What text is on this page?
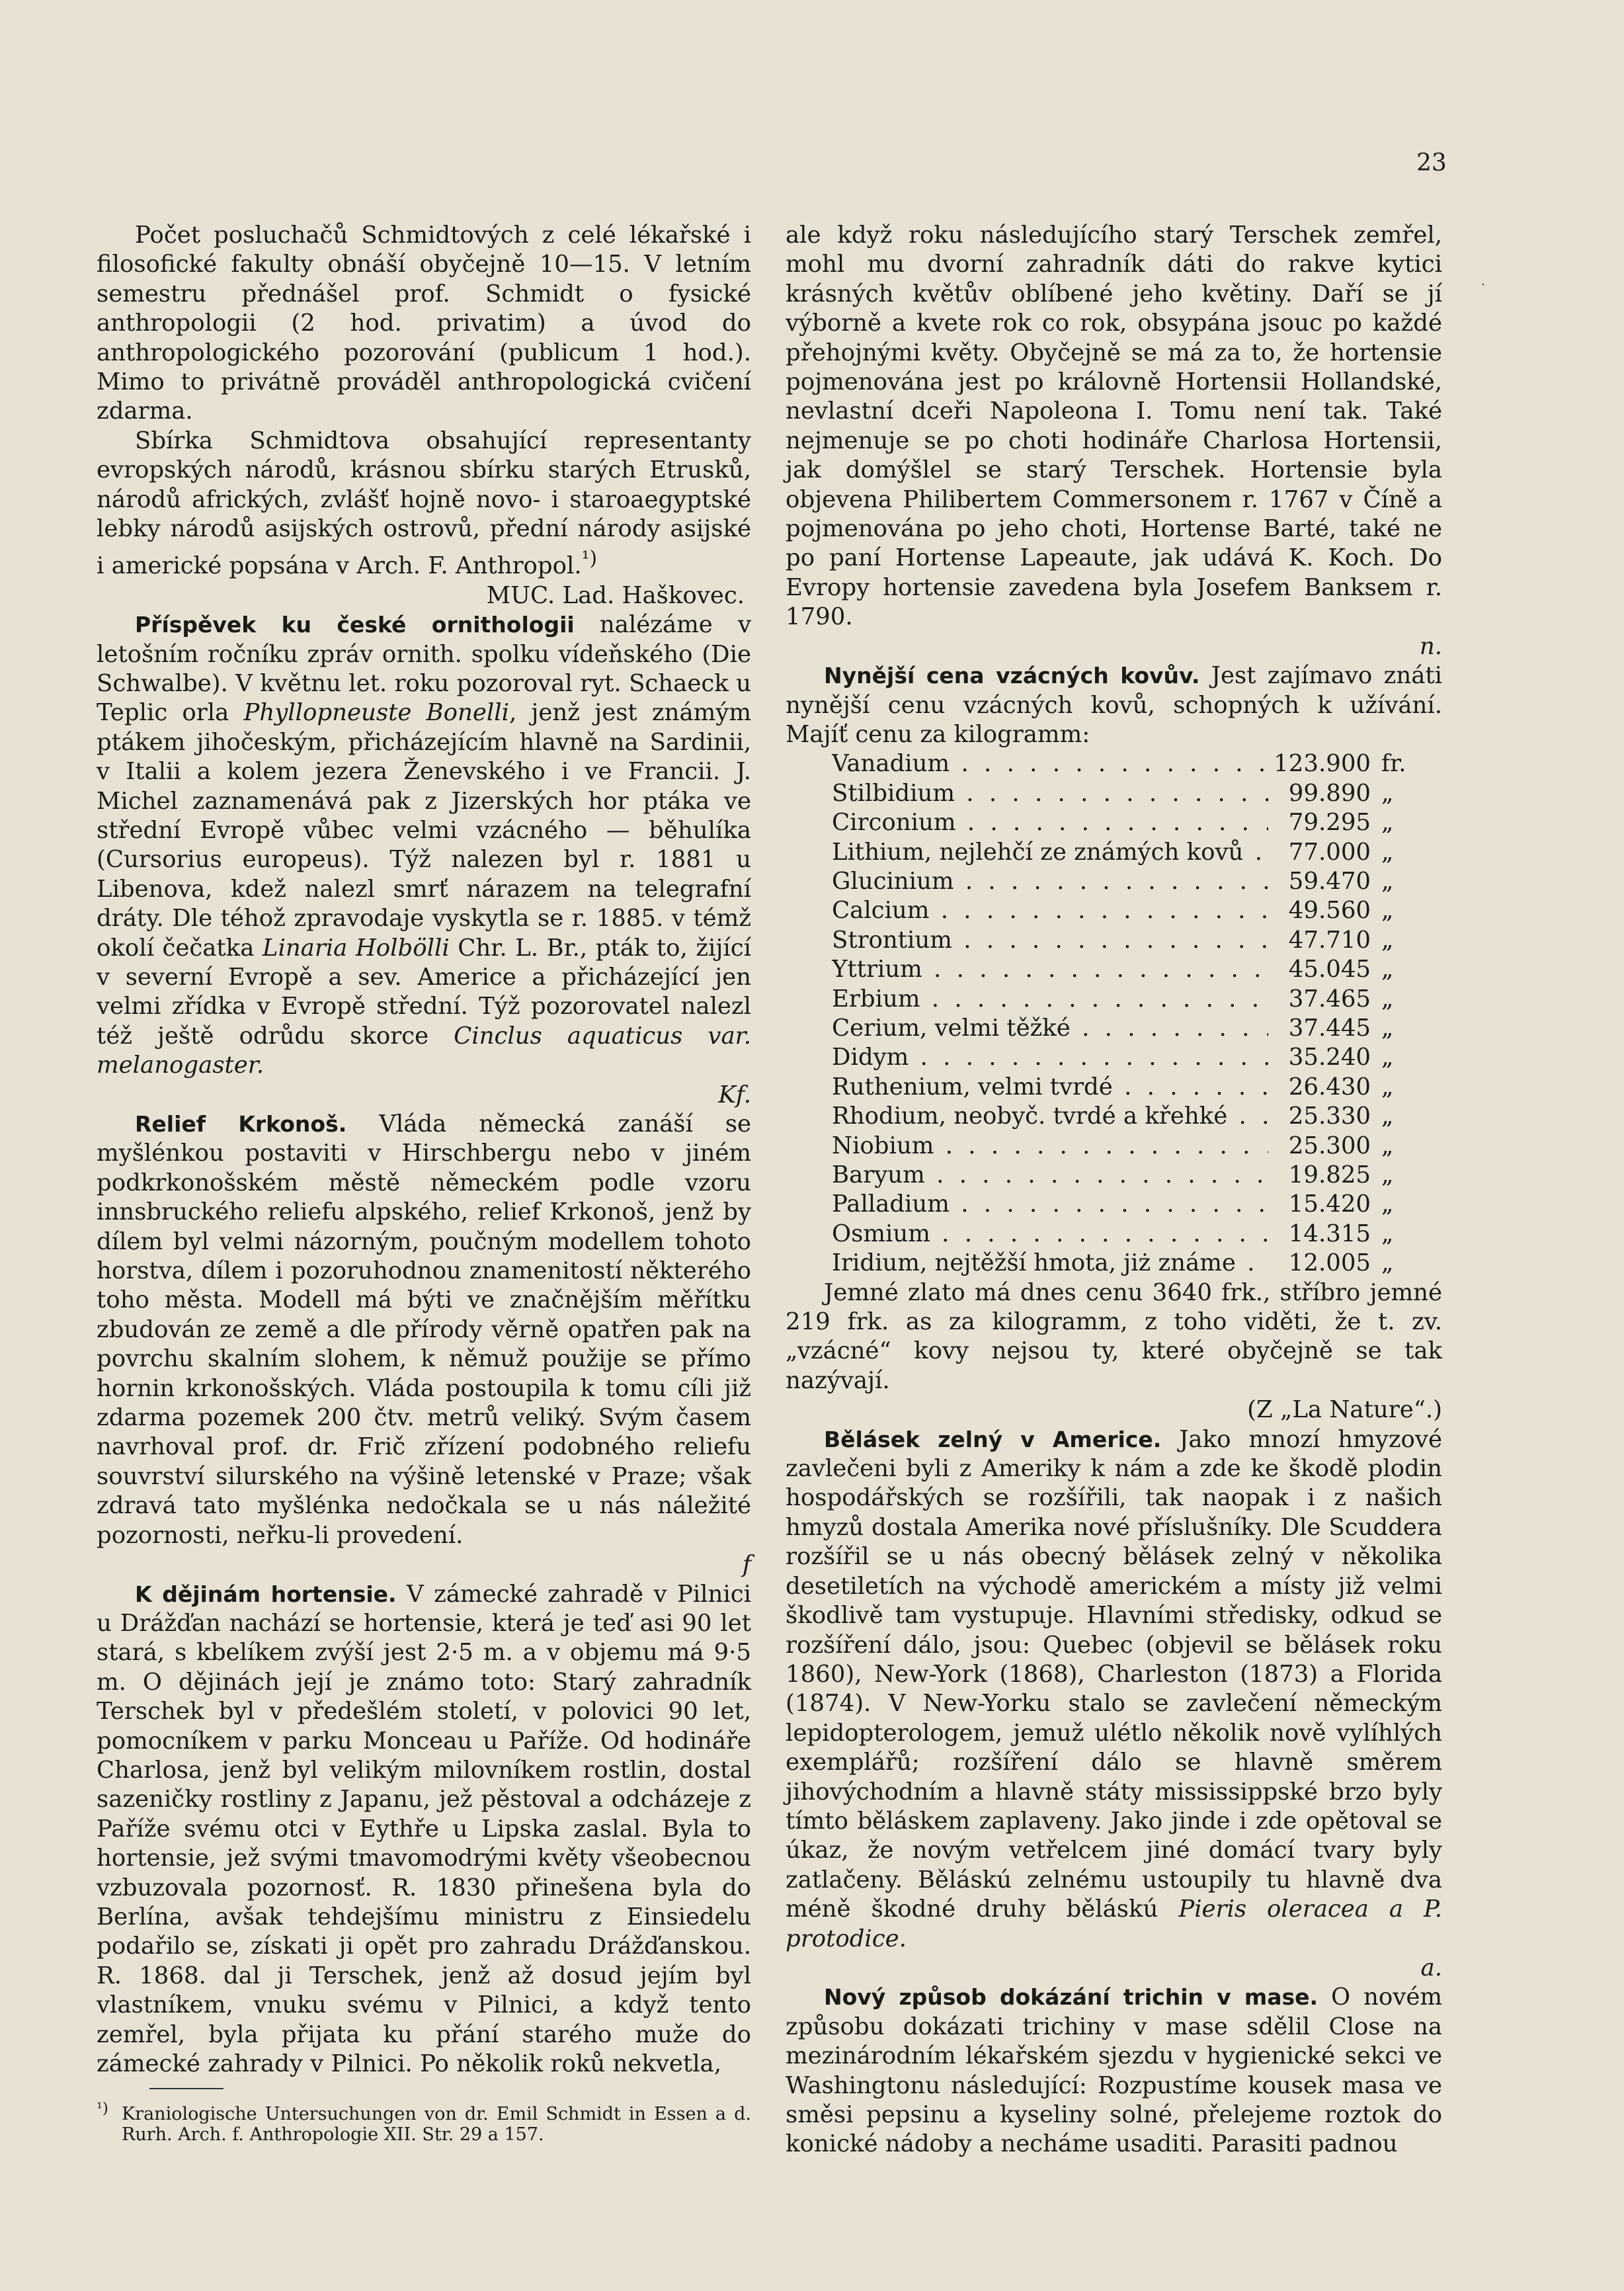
23
·

Počet posluchačů Schmidtových z celé lékařské i filosofické fakulty obnáší obyčejně 10—15. V letním semestru přednášel prof. Schmidt o fysické anthropologii (2 hod. privatim) a úvod do anthropologického pozorování (publicum 1 hod.). Mimo to privátně prováděl anthropologická cvičení zdarma.

Sbírka Schmidtova obsahující representanty evropských národů, krásnou sbírku starých Etrusků, národů afrických, zvlášť hojně novo- i staroaegyptské lebky národů asijských ostrovů, přední národy asijské i americké popsána v Arch. F. Anthropol.$^{^1)}$

MUC. Lad. Haškovec.

Příspěvek ku české ornithologii nalézáme v letošním ročníku zpráv ornith. spolku vídeňského (Die Schwalbe). V květnu let. roku pozoroval ryt. Schaeck u Teplic orla Phyllopneuste Bonelli, jenž jest známým ptákem jihočeským, přicházejícím hlavně na Sardinii, v Italii a kolem jezera Ženevského i ve Francii. J. Michel zaznamenává pak z Jizerských hor ptáka ve střední Evropě vůbec velmi vzácného — běhulíka (Cursorius europeus). Týž nalezen byl r. 1881 u Libenova, kdež nalezl smrť nárazem na telegrafní dráty. Dle téhož zpravodaje vyskytla se r. 1885. v témž okolí čečatka Linaria Holbölli Chr. L. Br., pták to, žijící v severní Evropě a sev. Americe a přicházející jen velmi zřídka v Evropě střední. Týž pozorovatel nalezl též ještě odrůdu skorce Cinclus aquaticus var. melanogaster.

Kf.

Relief Krkonoš. Vláda německá zanáší se myšlénkou postaviti v Hirschbergu nebo v jiném podkrkonošském městě německém podle vzoru innsbruckého reliefu alpského, relief Krkonoš, jenž by dílem byl velmi názorným, poučným modellem tohoto horstva, dílem i pozoruhodnou znamenitostí některého toho města. Modell má býti ve značnějším měřítku zbudován ze země a dle přírody věrně opatřen pak na povrchu skalním slohem, k němuž použije se přímo hornin krkonošských. Vláda postoupila k tomu cíli již zdarma pozemek 200 čtv. metrů veliký. Svým časem navrhoval prof. dr. Frič zřízení podobného reliefu souvrství silurského na výšině letenské v Praze; však zdravá tato myšlénka nedočkala se u nás náležité pozornosti, neřku-li provedení.

f

K dějinám hortensie. V zámecké zahradě v Pilnici u Drážďan nachází se hortensie, která je teď asi 90 let stará, s kbelíkem zvýší jest 2·5 m. a v objemu má 9·5 m. O dějinách její je známo toto: Starý zahradník Terschek byl v předešlém století, v polovici 90 let, pomocníkem v parku Monceau u Paříže. Od hodináře Charlosa, jenž byl velikým milovníkem rostlin, dostal sazeničky rostliny z Japanu, jež pěstoval a odcházeje z Paříže svému otci v Eythře u Lipska zaslal. Byla to hortensie, jež svými tmavomodrými květy všeobecnou vzbuzovala pozornosť. R. 1830 přinešena byla do Berlína, avšak tehdejšímu ministru z Einsiedelu podařilo se, získati ji opět pro zahradu Drážďanskou. R. 1868. dal ji Terschek, jenž až dosud jejím byl vlastníkem, vnuku svému v Pilnici, a když tento zemřel, byla přijata ku přání starého muže do zámecké zahrady v Pilnici. Po několik roků nekvetla,

$^{^1)}$ Kraniologische Untersuchungen von dr. Emil Schmidt in Essen a d. Rurh. Arch. f. Anthropologie XII. Str. 29 a 157.

ale když roku následujícího starý Terschek zemřel, mohl mu dvorní zahradník dáti do rakve kytici krásných květův oblíbené jeho květiny. Daří se jí výborně a kvete rok co rok, obsypána jsouc po každé přehojnými květy. Obyčejně se má za to, že hortensie pojmenována jest po královně Hortensii Hollandské, nevlastní dceři Napoleona I. Tomu není tak. Také nejmenuje se po choti hodináře Charlosa Hortensii, jak domýšlel se starý Terschek. Hortensie byla objevena Philibertem Commersonem r. 1767 v Číně a pojmenována po jeho choti, Hortense Barté, také ne po paní Hortense Lapeaute, jak udává K. Koch. Do Evropy hortensie zavedena byla Josefem Banksem r. 1790.

n.

Nynější cena vzácných kovův. Jest zajímavo znáti nynější cenu vzácných kovů, schopných k užívání. Majíť cenu za kilogramm:

Vanadium . . .	123.900	fr.

Stilbidium . . .	99.890	„

Circonium . . .	79.295	„

Lithium, nejlehčí ze známých kovů . . .	77.000	„

Glucinium . . .	59.470	„

Calcium . . .	49.560	„

Strontium . . .	47.710	„

Yttrium . . .	45.045	„

Erbium . . .	37.465	„

Cerium, velmi těžké . . .	37.445	„

Didym . . .	35.240	„

Ruthenium, velmi tvrdé . . .	26.430	„

Rhodium, neobyč. tvrdé a křehké . . .	25.330	„

Niobium . . .	25.300	„

Baryum . . .	19.825	„

Palladium . . .	15.420	„

Osmium . . .	14.315	„

Iridium, nejtěžší hmota, jiż známe . . .	12.005	„

Jemné zlato má dnes cenu 3640 frk., stříbro jemné 219 frk. as za kilogramm, z toho viděti, že t. zv. „vzácné“ kovy nejsou ty, které obyčejně se tak nazývají.

(Z „La Nature“.)

Bělásek zelný v Americe. Jako mnozí hmyzové zavlečeni byli z Ameriky k nám a zde ke škodě plodin hospodářských se rozšířili, tak naopak i z našich hmyzů dostala Amerika nové příslušníky. Dle Scuddera rozšířil se u nás obecný bělásek zelný v několika desetiletích na východě americkém a místy již velmi škodlivě tam vystupuje. Hlavními středisky, odkud se rozšíření dálo, jsou: Quebec (objevil se bělásek roku 1860), New-York (1868), Charleston (1873) a Florida (1874). V New-Yorku stalo se zavlečení německým lepidopterologem, jemuž ulétlo několik nově vylíhlých exemplářů; rozšíření dálo se hlavně směrem jihovýchodním a hlavně státy mississippské brzo byly tímto běláskem zaplaveny. Jako jinde i zde opětoval se úkaz, že novým vetřelcem jiné domácí tvary byly zatlačeny. Běláskú zelnému ustoupily tu hlavně dva méně škodné druhy běláskú Pieris oleracea a P. protodice.

a.

Nový způsob dokázání trichin v mase. O novém způsobu dokázati trichiny v mase sdělil Close na mezinárodním lékařském sjezdu v hygienické sekci ve Washingtonu následující: Rozpustíme kousek masa ve směsi pepsinu a kyseliny solné, přelejeme roztok do konické nádoby a necháme usaditi. Parasiti padnou
